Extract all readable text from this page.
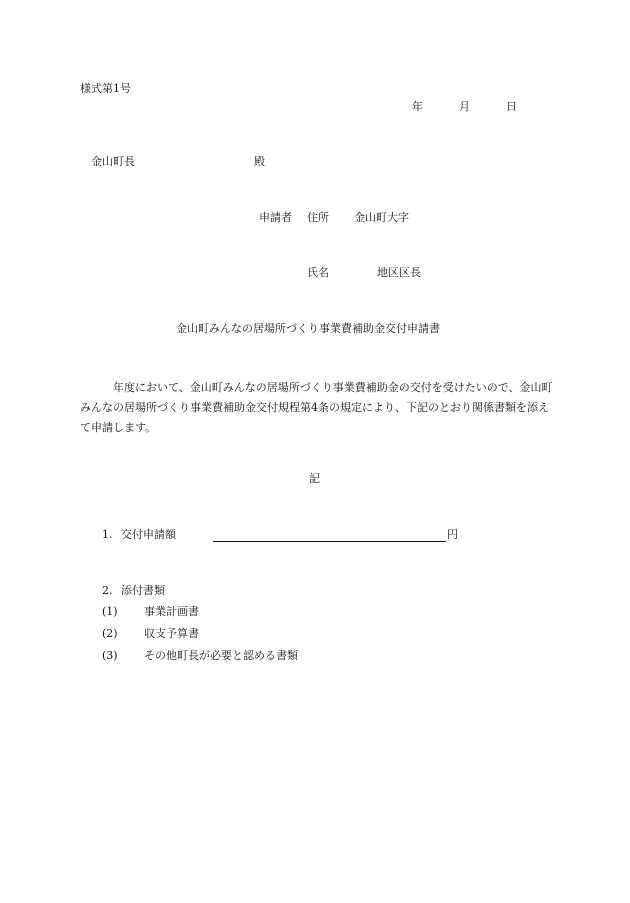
様式第1号
年	月	日
金山町長	殿
申請者 住所 金山町大字
氏名	地区区長
金山町みんなの居場所づくり事業費補助金交付申請書
年度において、金山町みんなの居場所づくり事業費補助金の交付を受けたいので、金山町みんなの居場所づくり事業費補助金交付規程第4条の規定により、下記のとおり関係書類を添えて申請します。
記
1. 交付申請額	円
2. 添付書類
(1) 事業計画書
(2) 収支予算書
(3) その他町長が必要と認める書類
